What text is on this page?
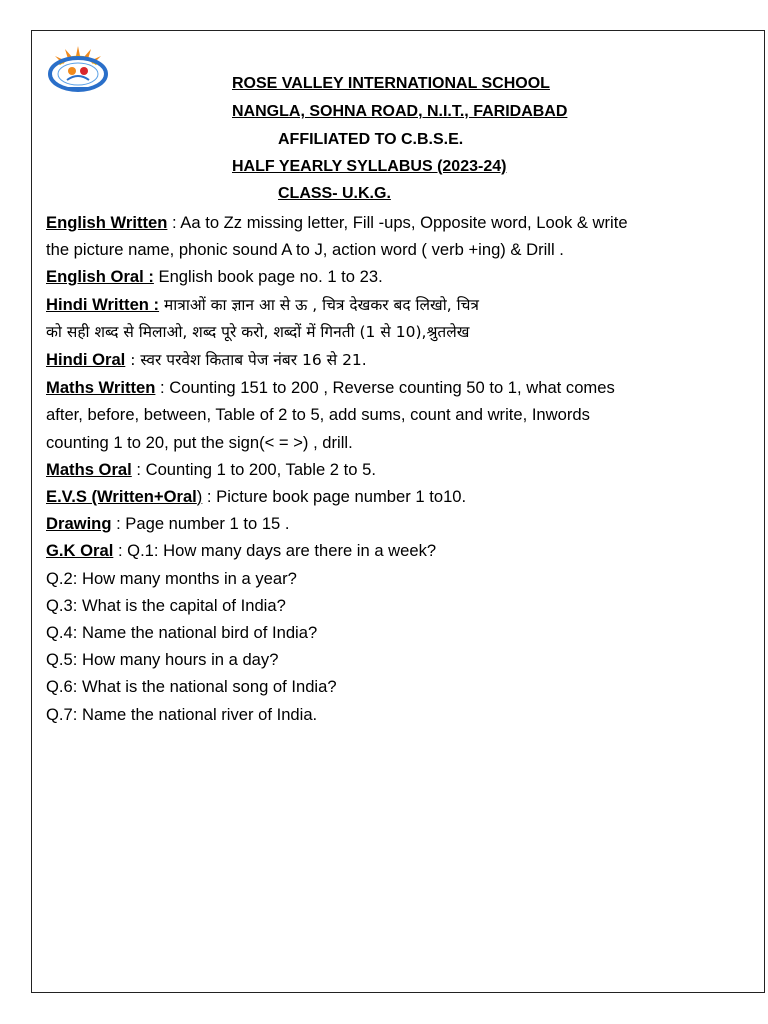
ROSE VALLEY INTERNATIONAL SCHOOL
NANGLA, SOHNA ROAD, N.I.T., FARIDABAD
AFFILIATED TO C.B.S.E.
HALF YEARLY SYLLABUS (2023-24)
CLASS- U.K.G.
English Written : Aa to Zz missing letter, Fill -ups, Opposite word, Look & write
the picture name, phonic sound A to J, action word ( verb +ing) & Drill .
English Oral : English book page no. 1 to 23.
Hindi Written : मात्राओं का ज्ञान आ से ऊ , चित्र देखकर बद लिखो, चित्र
को सही शब्द से मिलाओ, शब्द पूरे करो, शब्दों में गिनती (1 से 10),श्रुतलेख
Hindi Oral : स्वर परवेश किताब पेज नंबर 16 से 21.
Maths Written : Counting 151 to 200 , Reverse counting 50 to 1, what comes
after, before, between, Table of 2 to 5, add sums, count and write, Inwords
counting 1 to 20, put the sign(< = >) , drill.
Maths Oral : Counting 1 to 200, Table 2 to 5.
E.V.S (Written+Oral) : Picture book page number 1 to10.
Drawing : Page number 1 to 15 .
G.K Oral : Q.1: How many days are there in a week?
Q.2: How many months in a year?
Q.3: What is the capital of India?
Q.4: Name the national bird of India?
Q.5: How many hours in a day?
Q.6: What is the national song of India?
Q.7: Name the national river of India.
